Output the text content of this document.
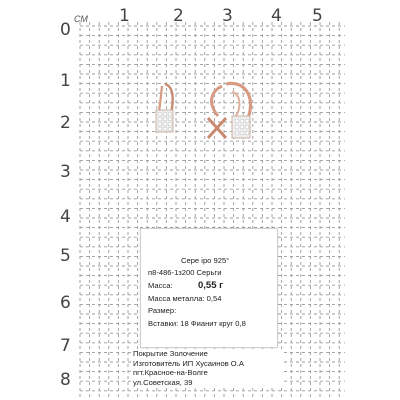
СМ 1	2 3 4 5
0
1
2
3
4
5
6
7
8
Сере іро 925°
п8-486-1з200 Серьги
Масса:	0,55 г
Масса металла: 0,54
Размер:
Вставки: 18 Фианит круг 0,8
Покрытие Золочение
Изготовитель ИП Хусаинов О.А
пгт.Красное-на-Волге
ул.Советская, 39
